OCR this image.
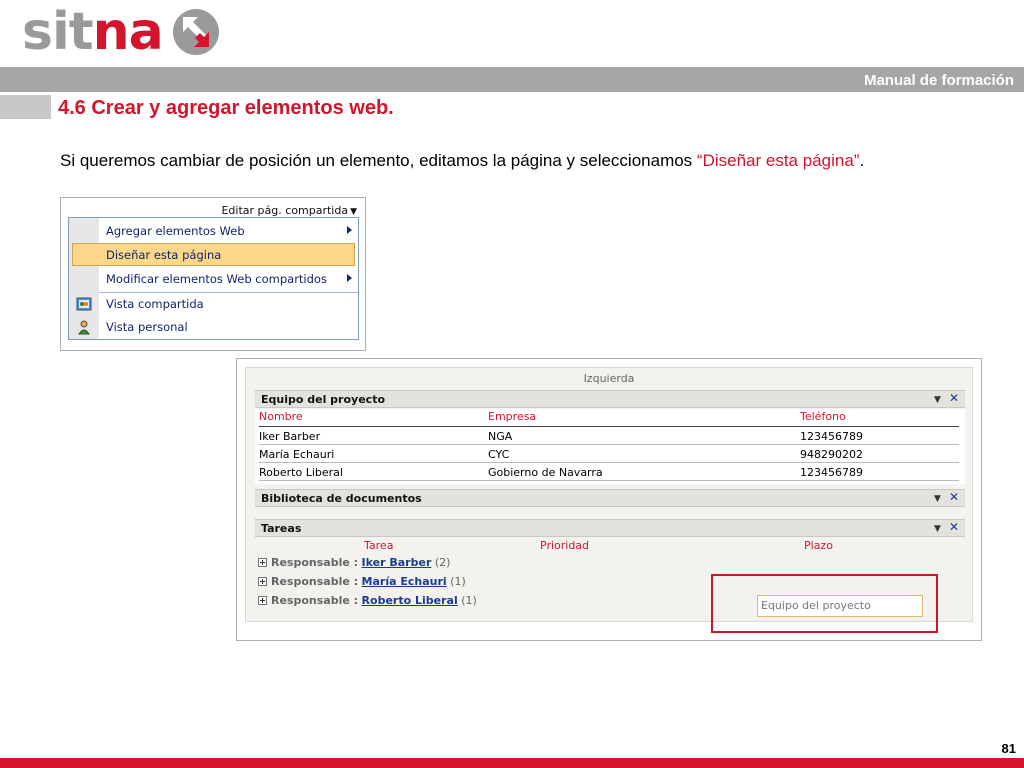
sitna
Manual de formación
4.6 Crear y agregar elementos web.
Si queremos cambiar de posición un elemento, editamos la página y seleccionamos “Diseñar esta página”.
Editar pág. compartida ▼
Agregar elementos Web
Diseñar esta página
Modificar elementos Web compartidos
Vista compartida
Vista personal
Izquierda
Equipo del proyecto	▼ ✕
Nombre	Empresa	Teléfono
Iker Barber	NGA	123456789
María Echauri	CYC	948290202
Roberto Liberal	Gobierno de Navarra	123456789
Biblioteca de documentos	▼ ✕
Tareas	▼ ✕
Tarea	Prioridad	Plazo
Responsable : Iker Barber (2)
Responsable : María Echauri (1)
Responsable : Roberto Liberal (1)	Equipo del proyecto
81
